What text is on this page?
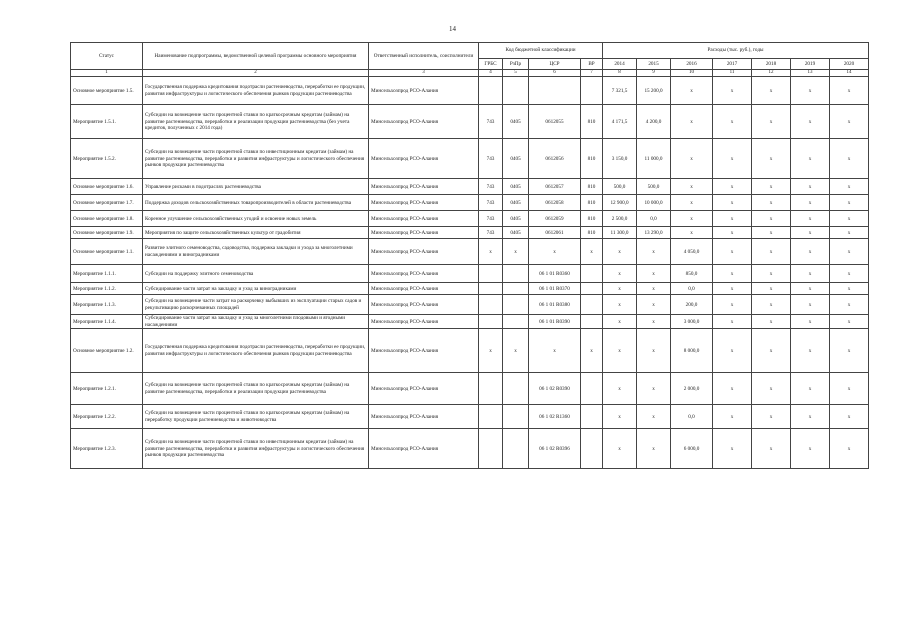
14
Статус	Наименование подпрограммы, ведомственной целевой программы основного мероприятия	Ответственный исполнитель, соисполнители	Код бюджетной классификации				Расходы (тыс. руб.), годы						
			ГРБС	РзПр	ЦСР	ВР	2014	2015	2016	2017	2018	2019	2020
1	2	3	4	5	6	7	8	9	10	11	12	13	14
Основное мероприятие 1.5.	Государственная поддержка кредитования подотрасли растениеводства, переработки ее продукции, развития инфраструктуры и логистического обеспечения рынков продукции растениеводства	Минсельхозпрод РСО-Алания					7 321,5	15 200,0	х	х	х	х	х
Мероприятие 1.5.1.	Субсидии на возмещение части процентной ставки по краткосрочным кредитам (займам) на развитие растениеводства, переработки и реализации продукции растениеводства (без учета кредитов, полученных с 2014 года)	Минсельхозпрод РСО-Алания	743	0405	0612055	810	4 171,5	4 200,0	х	х	х	х	х
Мероприятие 1.5.2.	Субсидии на возмещение части процентной ставки по инвестиционным кредитам (займам) на развитие растениеводства, переработки и развития инфраструктуры и логистического обеспечения рынков продукции растениеводства	Минсельхозпрод РСО-Алания	743	0405	0612056	810	3 150,0	11 000,0	х	х	х	х	х
Основное мероприятие 1.6.	Управление рисками в подотраслях растениеводства	Минсельхозпрод РСО-Алания	743	0405	0612057	810	500,0	500,0	х	х	х	х	х
Основное мероприятие 1.7.	Поддержка доходов сельскохозяйственных товаропроизводителей в области растениеводства	Минсельхозпрод РСО-Алания	743	0405	0612058	810	12 900,0	10 000,0	х	х	х	х	х
Основное мероприятие 1.8.	Коренное улучшение сельскохозяйственных угодий и освоение новых земель	Минсельхозпрод РСО-Алания	743	0405	0612059	810	2 500,0	0,0	х	х	х	х	х
Основное мероприятие 1.9.	Мероприятия по защите сельскохозяйственных культур от градобития	Минсельхозпрод РСО-Алания	743	0405	0612061	810	11 300,0	13 290,0	х	х	х	х	х
Основное мероприятие 1.1.	Развитие элитного семеноводства, садоводства, поддержка закладки и ухода за многолетними насаждениями и виноградниками	Минсельхозпрод РСО-Алания	х	х	х	х	х	х	4 050,0	х	х	х	х
Мероприятие 1.1.1.	Субсидии на поддержку элитного семеноводства	Минсельхозпрод РСО-Алания			06 1 01 R0360		х	х	850,0	х	х	х	х
Мероприятие 1.1.2.	Субсидирование части затрат на закладку и уход за виноградниками	Минсельхозпрод РСО-Алания			06 1 01 R0370		х	х	0,0	х	х	х	х
Мероприятие 1.1.3.	Субсидии на возмещение части затрат на раскорчевку выбывших из эксплуатации старых садов и рекультивацию раскорчеванных площадей	Минсельхозпрод РСО-Алания			06 1 01 R0380		х	х	200,0	х	х	х	х
Мероприятие 1.1.4.	Субсидирование части затрат на закладку и уход за многолетними плодовыми и ягодными насаждениями	Минсельхозпрод РСО-Алания			06 1 01 R0390		х	х	3 000,0	х	х	х	х
Основное мероприятие 1.2.	Государственная поддержка кредитования подотрасли растениеводства, переработки ее продукции, развития инфраструктуры и логистического обеспечения рынков продукции растениеводства	Минсельхозпрод РСО-Алания	х	х	х	х	х	х	8 000,0	х	х	х	х
Мероприятие 1.2.1.	Субсидии на возмещение части процентной ставки по краткосрочным кредитам (займам) на развитие растениеводства, переработки и реализации продукции растениеводства	Минсельхозпрод РСО-Алания			06 1 02 R0390		х	х	2 000,0	х	х	х	х
Мероприятие 1.2.2.	Субсидии на возмещение части процентной ставки по краткосрочным кредитам (займам) на переработку продукции растениеводства и животноводства	Минсельхозпрод РСО-Алания			06 1 02 R1360		х	х	0,0	х	х	х	х
Мероприятие 1.2.3.	Субсидии на возмещение части процентной ставки по инвестиционным кредитам (займам) на развитие растениеводства, переработки и развития инфраструктуры и логистического обеспечения рынков продукции растениеводства	Минсельхозпрод РСО-Алания			06 1 02 R0396		х	х	6 000,0	х	х	х	х
